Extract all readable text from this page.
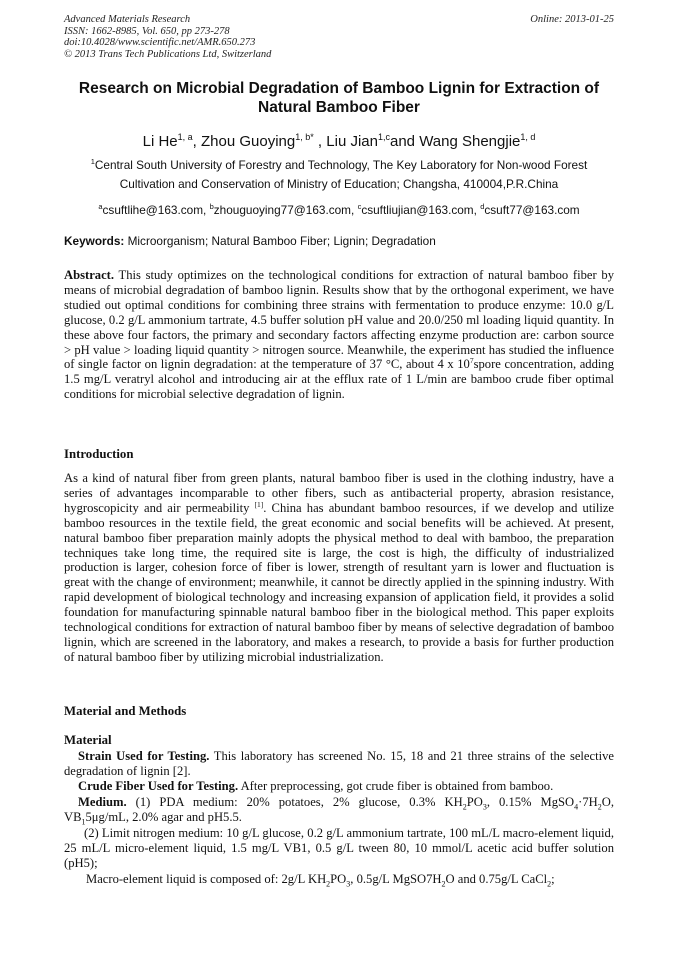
Advanced Materials Research
ISSN: 1662-8985, Vol. 650, pp 273-278
doi:10.4028/www.scientific.net/AMR.650.273
© 2013 Trans Tech Publications Ltd, Switzerland
Online: 2013-01-25
Research on Microbial Degradation of Bamboo Lignin for Extraction of
Natural Bamboo Fiber
Li He$^{1, a}$, Zhou Guoying$^{1, b*}$ , Liu Jian$^{1,c}$and Wang Shengjie$^{1, d}$
$^1$Central South University of Forestry and Technology, The Key Laboratory for Non-wood Forest
Cultivation and Conservation of Ministry of Education; Changsha, 410004,P.R.China
$^a$csuftlihe@163.com, $^b$zhouguoying77@163.com, $^c$csuftliujian@163.com, $^d$csuft77@163.com
Keywords: Microorganism; Natural Bamboo Fiber; Lignin; Degradation
Abstract. This study optimizes on the technological conditions for extraction of natural bamboo fiber by means of microbial degradation of bamboo lignin. Results show that by the orthogonal experiment, we have studied out optimal conditions for combining three strains with fermentation to produce enzyme: 10.0 g/L glucose, 0.2 g/L ammonium tartrate, 4.5 buffer solution pH value and 20.0/250 ml loading liquid quantity. In these above four factors, the primary and secondary factors affecting enzyme production are: carbon source > pH value > loading liquid quantity > nitrogen source. Meanwhile, the experiment has studied the influence of single factor on lignin degradation: at the temperature of 37 °C, about 4 x $10^7spore$ concentration, adding 1.5 mg/L veratryl alcohol and introducing air at the efflux rate of 1 L/min are bamboo crude fiber optimal conditions for microbial selective degradation of lignin.
Introduction
As a kind of natural fiber from green plants, natural bamboo fiber is used in the clothing industry, have a series of advantages incomparable to other fibers, such as antibacterial property, abrasion resistance, hygroscopicity and air permeability [1]. China has abundant bamboo resources, if we develop and utilize bamboo resources in the textile field, the great economic and social benefits will be achieved. At present, natural bamboo fiber preparation mainly adopts the physical method to deal with bamboo, the preparation techniques take long time, the required site is large, the cost is high, the difficulty of industrialized production is larger, cohesion force of fiber is lower, strength of resultant yarn is lower and fluctuation is great with the change of environment; meanwhile, it cannot be directly applied in the spinning industry. With rapid development of biological technology and increasing expansion of application field, it provides a solid foundation for manufacturing spinnable natural bamboo fiber in the biological method. This paper exploits technological conditions for extraction of natural bamboo fiber by means of selective degradation of bamboo lignin, which are screened in the laboratory, and makes a research, to provide a basis for further production of natural bamboo fiber by utilizing microbial industrialization.
Material and Methods
Material
Strain Used for Testing. This laboratory has screened No. 15, 18 and 21 three strains of the selective degradation of lignin [2].
Crude Fiber Used for Testing. After preprocessing, got crude fiber is obtained from bamboo.
Medium. (1) PDA medium: 20% potatoes, 2% glucose, 0.3% $KH_2PO_3$, 0.15% $MgSO_4\cdot 7H_2O$, $VB_15\mu g/mL$, 2.0% agar and pH5.5.
(2) Limit nitrogen medium: 10 g/L glucose, 0.2 g/L ammonium tartrate, 100 mL/L macro-element liquid, 25 mL/L micro-element liquid, 1.5 mg/L VB1, 0.5 g/L tween 80, 10 mmol/L acetic acid buffer solution (pH5);
Macro-element liquid is composed of: 2g/L $KH_2PO_3$, 0.5g/L $MgSO7H_2O$ and 0.75g/L CaCl$_2$;
